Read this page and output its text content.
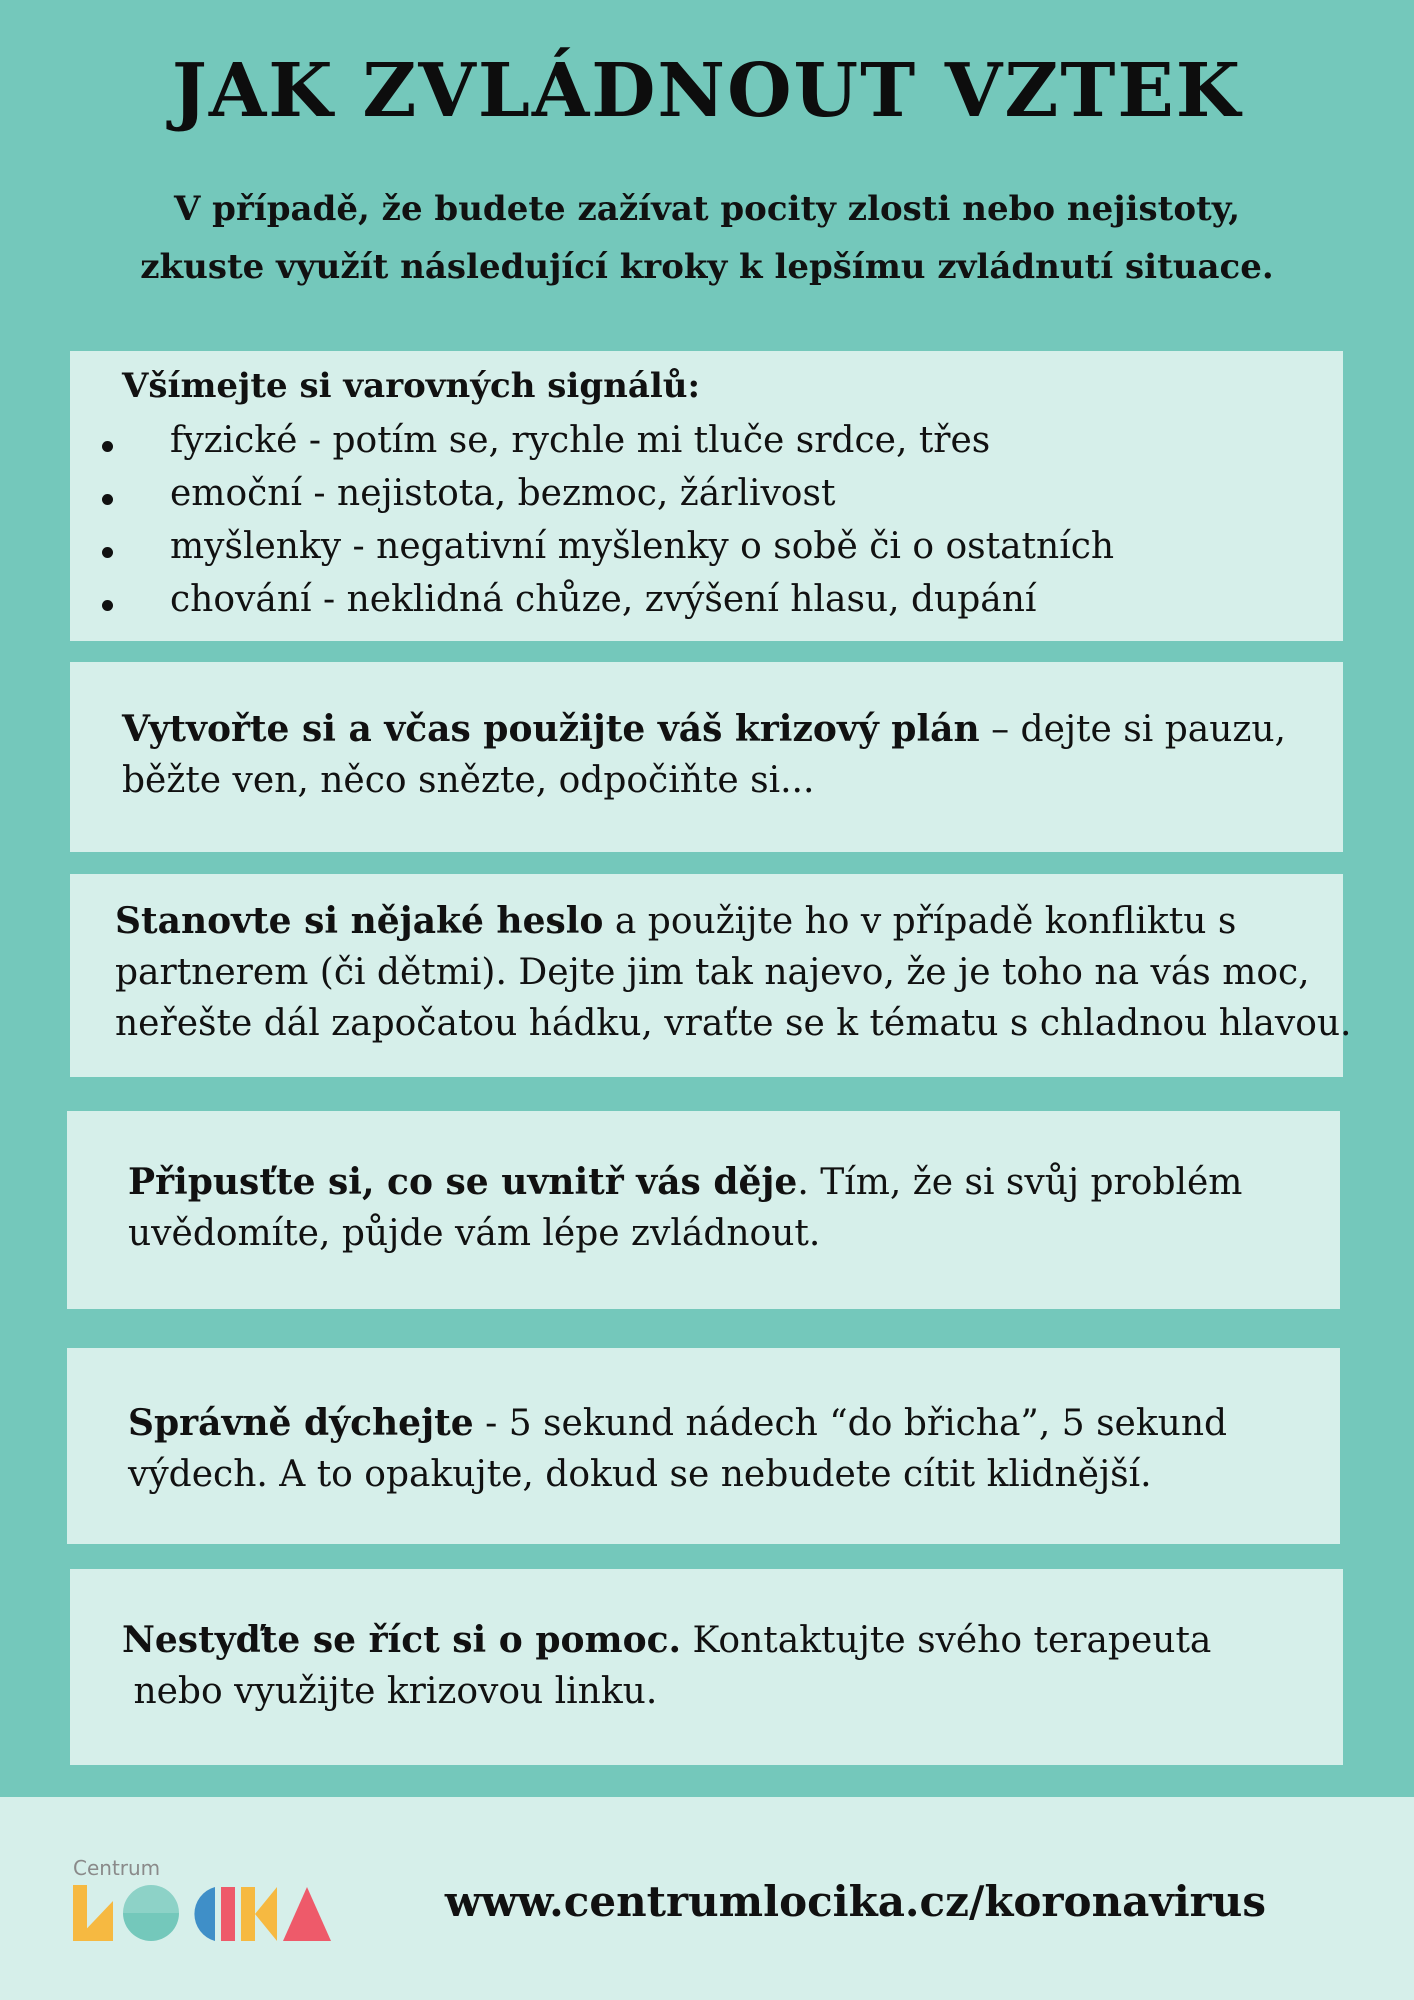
JAK ZVLÁDNOUT VZTEK
V případě, že budete zažívat pocity zlosti nebo nejistoty,
zkuste využít následující kroky k lepšímu zvládnutí situace.
Všímejte si varovných signálů:
fyzické - potím se, rychle mi tluče srdce, třes
emoční - nejistota, bezmoc, žárlivost
myšlenky - negativní myšlenky o sobě či o ostatních
chování - neklidná chůze, zvýšení hlasu, dupání

Vytvořte si a včas použijte váš krizový plán – dejte si pauzu,

běžte ven, něco snězte, odpočiňte si...

Stanovte si nějaké heslo a použijte ho v případě konfliktu s

partnerem (či dětmi). Dejte jim tak najevo, že je toho na vás moc,

neřešte dál započatou hádku, vraťte se k tématu s chladnou hlavou.

Připusťte si, co se uvnitř vás děje. Tím, že si svůj problém

uvědomíte, půjde vám lépe zvládnout.

Správně dýchejte - 5 sekund nádech “do břicha”, 5 sekund

výdech. A to opakujte, dokud se nebudete cítit klidnější.

Nestyďte se říct si o pomoc. Kontaktujte svého terapeuta

nebo využijte krizovou linku.

Centrum
www.centrumlocika.cz/koronavirus
